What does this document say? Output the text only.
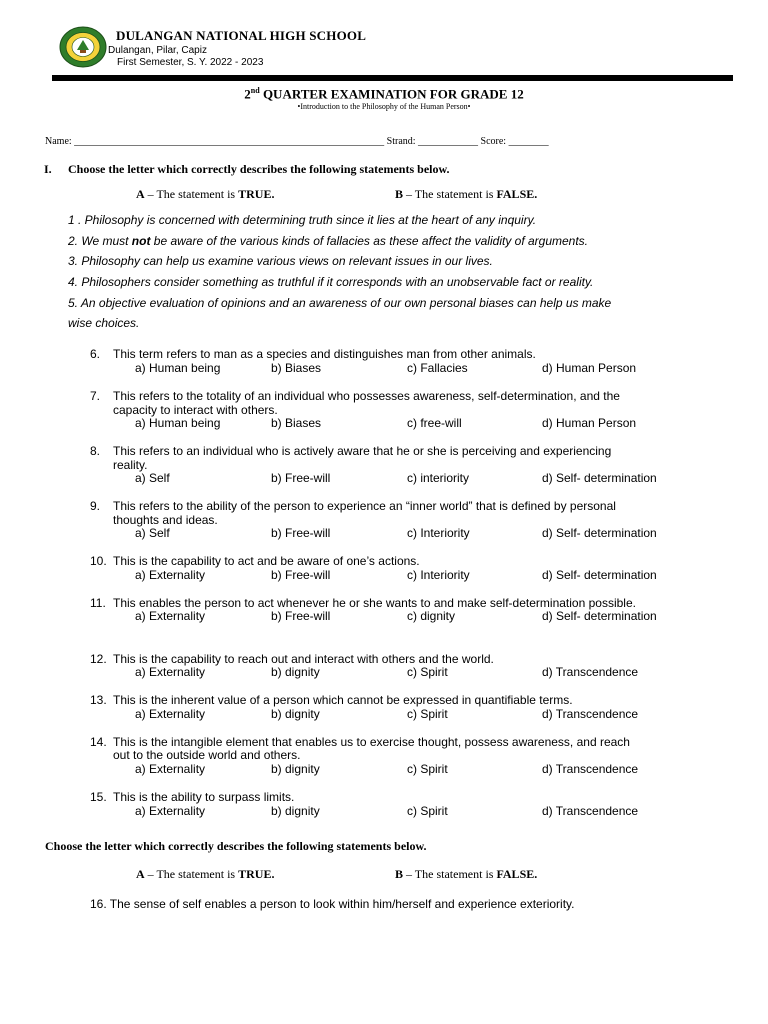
DULANGAN NATIONAL HIGH SCHOOL
Dulangan, Pilar, Capiz
First Semester, S. Y. 2022 - 2023
2nd QUARTER EXAMINATION FOR GRADE 12
•Introduction to the Philosophy of the Human Person•
Name: ______________________________________________________________ Strand: ____________ Score: ________
I. Choose the letter which correctly describes the following statements below.
A – The statement is TRUE.	B – The statement is FALSE.
1 . Philosophy is concerned with determining truth since it lies at the heart of any inquiry.
2. We must not be aware of the various kinds of fallacies as these affect the validity of arguments.
3. Philosophy can help us examine various views on relevant issues in our lives.
4. Philosophers consider something as truthful if it corresponds with an unobservable fact or reality.
5. An objective evaluation of opinions and an awareness of our own personal biases can help us make
wise choices.
6. This term refers to man as a species and distinguishes man from other animals.
a) Human being	b) Biases	c) Fallacies	d) Human Person
7. This refers to the totality of an individual who possesses awareness, self-determination, and the
capacity to interact with others.
a) Human being	b) Biases	c) free-will	d) Human Person
8. This refers to an individual who is actively aware that he or she is perceiving and experiencing
reality.
a) Self	b) Free-will	c) interiority	d) Self- determination
9. This refers to the ability of the person to experience an “inner world” that is defined by personal
thoughts and ideas.
a) Self	b) Free-will	c) Interiority	d) Self- determination
10. This is the capability to act and be aware of one’s actions.
a) Externality	b) Free-will	c) Interiority	d) Self- determination
11. This enables the person to act whenever he or she wants to and make self-determination possible.
a) Externality	b) Free-will	c) dignity	d) Self- determination
12. This is the capability to reach out and interact with others and the world.
a) Externality	b) dignity	c) Spirit	d) Transcendence
13. This is the inherent value of a person which cannot be expressed in quantifiable terms.
a) Externality	b) dignity	c) Spirit	d) Transcendence
14. This is the intangible element that enables us to exercise thought, possess awareness, and reach
out to the outside world and others.
a) Externality	b) dignity	c) Spirit	d) Transcendence
15. This is the ability to surpass limits.
a) Externality	b) dignity	c) Spirit	d) Transcendence
Choose the letter which correctly describes the following statements below.
A – The statement is TRUE.	B – The statement is FALSE.
16. The sense of self enables a person to look within him/herself and experience exteriority.
